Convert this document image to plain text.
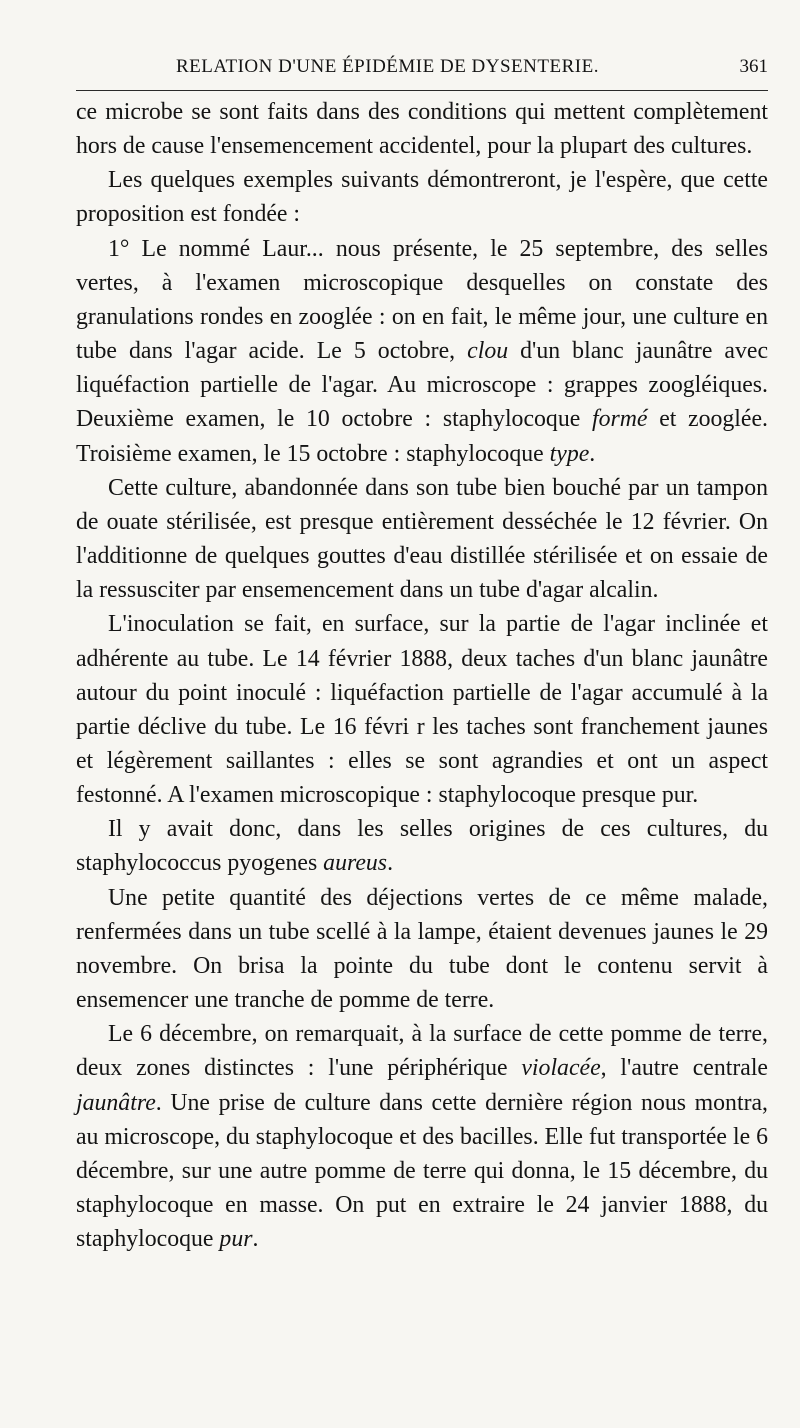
RELATION D'UNE ÉPIDÉMIE DE DYSENTERIE.	361

ce microbe se sont faits dans des conditions qui mettent complètement hors de cause l'ensemencement accidentel, pour la plupart des cultures.

Les quelques exemples suivants démontreront, je l'espère, que cette proposition est fondée :

1° Le nommé Laur... nous présente, le 25 septembre, des selles vertes, à l'examen microscopique desquelles on constate des granulations rondes en zooglée : on en fait, le même jour, une culture en tube dans l'agar acide. Le 5 octobre, clou d'un blanc jaunâtre avec liquéfaction partielle de l'agar. Au microscope : grappes zoogléiques. Deuxième examen, le 10 octobre : staphylocoque formé et zooglée. Troisième examen, le 15 octobre : staphylocoque type.

Cette culture, abandonnée dans son tube bien bouché par un tampon de ouate stérilisée, est presque entièrement desséchée le 12 février. On l'additionne de quelques gouttes d'eau distillée stérilisée et on essaie de la ressusciter par ensemencement dans un tube d'agar alcalin.

L'inoculation se fait, en surface, sur la partie de l'agar inclinée et adhérente au tube. Le 14 février 1888, deux taches d'un blanc jaunâtre autour du point inoculé : liquéfaction partielle de l'agar accumulé à la partie déclive du tube. Le 16 févri r les taches sont franchement jaunes et légèrement saillantes : elles se sont agrandies et ont un aspect festonné. A l'examen microscopique : staphylocoque presque pur.

Il y avait donc, dans les selles origines de ces cultures, du staphylococcus pyogenes aureus.

Une petite quantité des déjections vertes de ce même malade, renfermées dans un tube scellé à la lampe, étaient devenues jaunes le 29 novembre. On brisa la pointe du tube dont le contenu servit à ensemencer une tranche de pomme de terre.

Le 6 décembre, on remarquait, à la surface de cette pomme de terre, deux zones distinctes : l'une périphérique violacée, l'autre centrale jaunâtre. Une prise de culture dans cette dernière région nous montra, au microscope, du staphylocoque et des bacilles. Elle fut transportée le 6 décembre, sur une autre pomme de terre qui donna, le 15 décembre, du staphylocoque en masse. On put en extraire le 24 janvier 1888, du staphylocoque pur.
